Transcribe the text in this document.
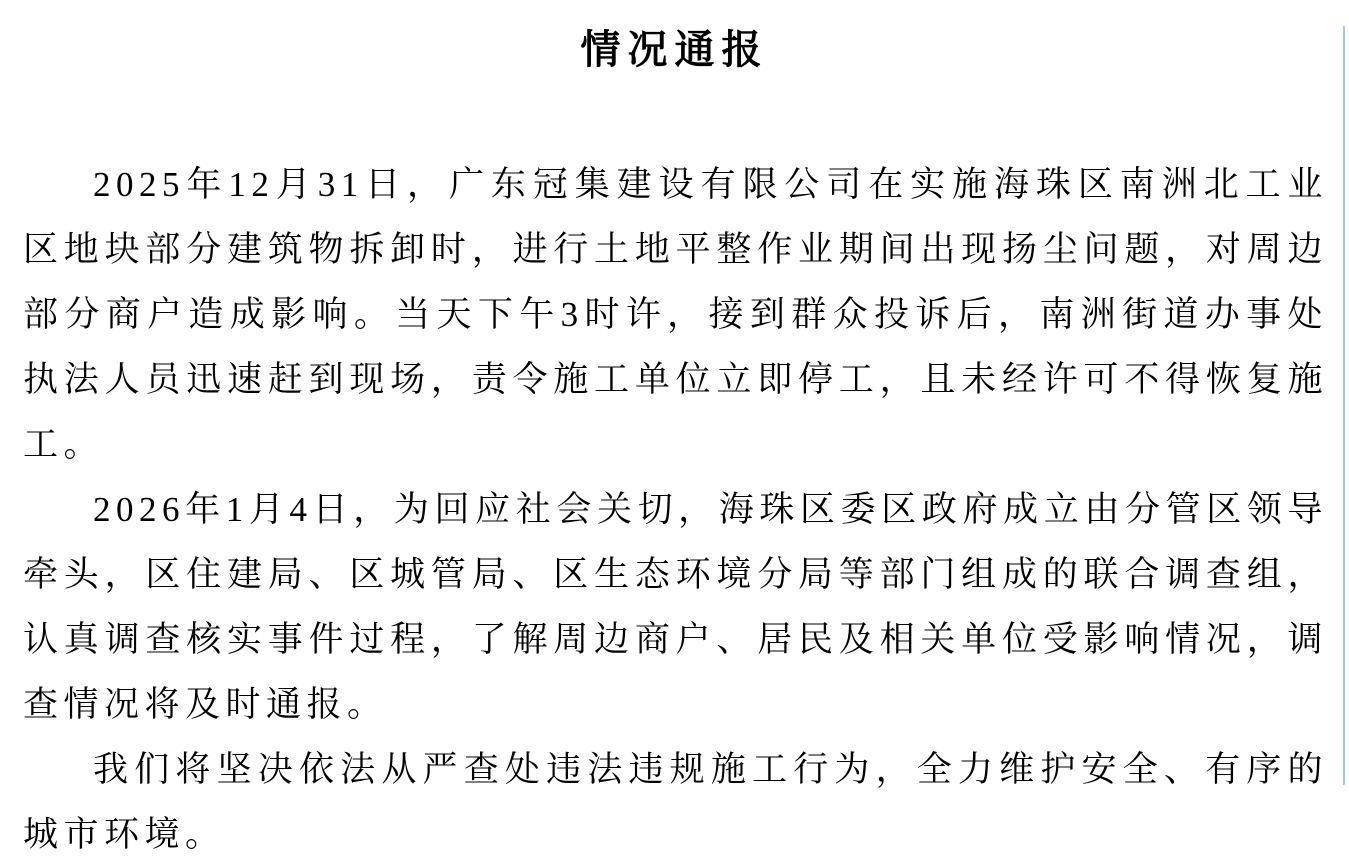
情况通报

2025年12月31日，广东冠集建设有限公司在实施海珠区南洲北工业区地块部分建筑物拆卸时，进行土地平整作业期间出现扬尘问题，对周边部分商户造成影响。当天下午3时许，接到群众投诉后，南洲街道办事处执法人员迅速赶到现场，责令施工单位立即停工，且未经许可不得恢复施工。

2026年1月4日，为回应社会关切，海珠区委区政府成立由分管区领导牵头，区住建局、区城管局、区生态环境分局等部门组成的联合调查组，认真调查核实事件过程，了解周边商户、居民及相关单位受影响情况，调查情况将及时通报。

我们将坚决依法从严查处违法违规施工行为，全力维护安全、有序的城市环境。
